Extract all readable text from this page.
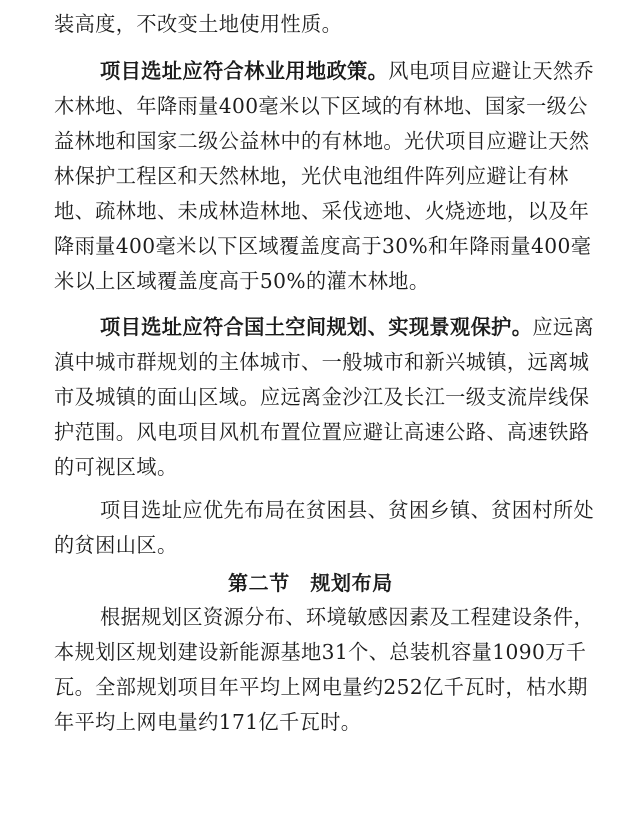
装高度，不改变土地使用性质。
项目选址应符合林业用地政策。风电项目应避让天然乔
木林地、年降雨量400毫米以下区域的有林地、国家一级公
益林地和国家二级公益林中的有林地。光伏项目应避让天然
林保护工程区和天然林地，光伏电池组件阵列应避让有林
地、疏林地、未成林造林地、采伐迹地、火烧迹地，以及年
降雨量400毫米以下区域覆盖度高于30%和年降雨量400毫
米以上区域覆盖度高于50%的灌木林地。
项目选址应符合国土空间规划、实现景观保护。应远离
滇中城市群规划的主体城市、一般城市和新兴城镇，远离城
市及城镇的面山区域。应远离金沙江及长江一级支流岸线保
护范围。风电项目风机布置位置应避让高速公路、高速铁路
的可视区域。
项目选址应优先布局在贫困县、贫困乡镇、贫困村所处
的贫困山区。
第二节　规划布局
根据规划区资源分布、环境敏感因素及工程建设条件，
本规划区规划建设新能源基地31个、总装机容量1090万千
瓦。全部规划项目年平均上网电量约252亿千瓦时，枯水期
年平均上网电量约171亿千瓦时。
